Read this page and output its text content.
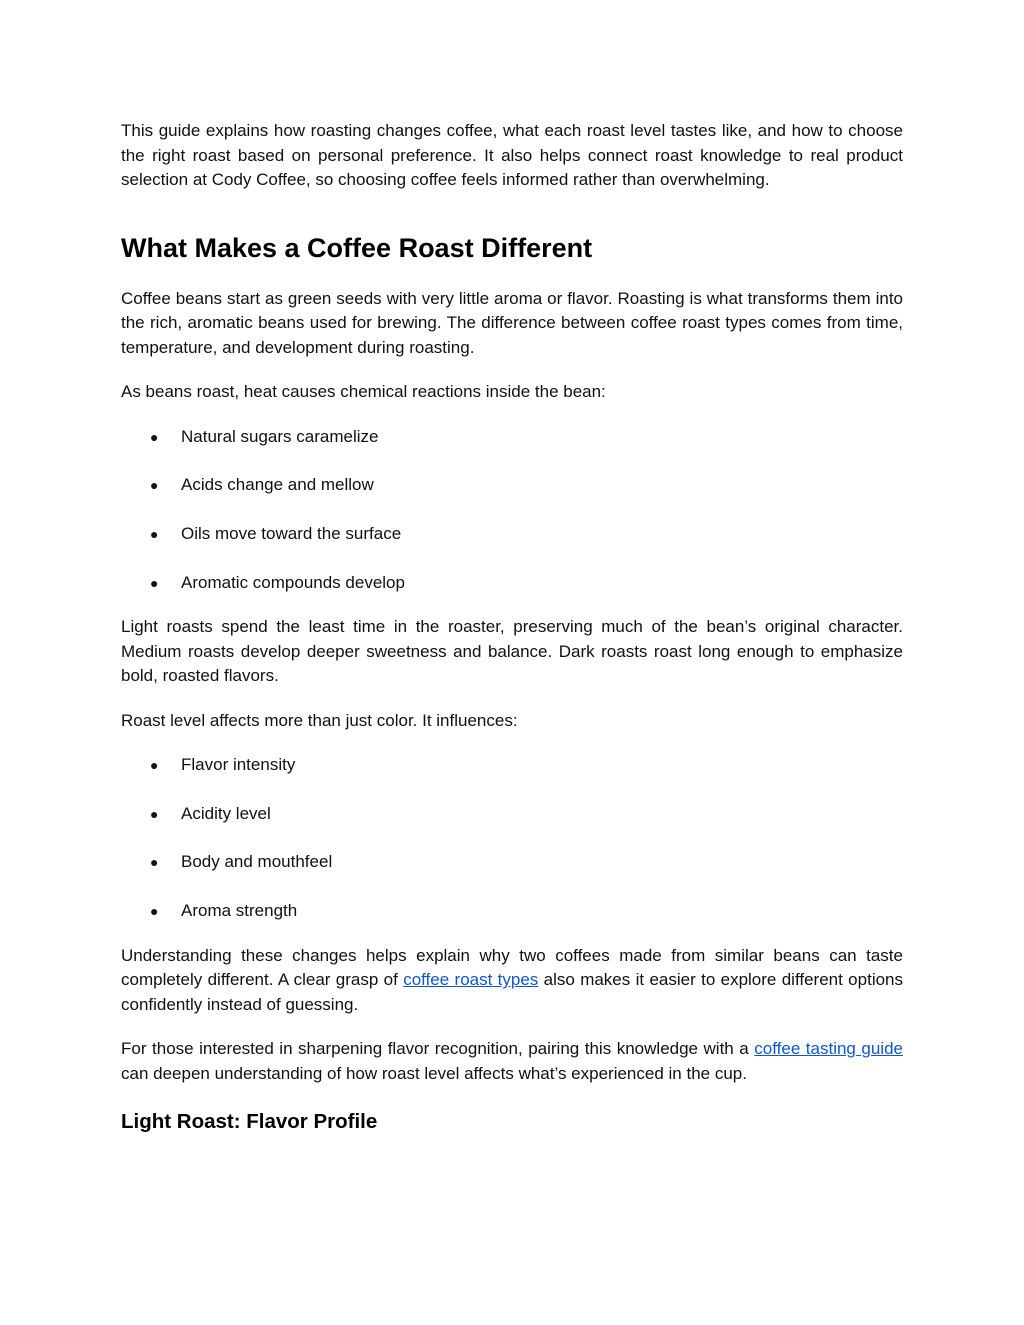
This guide explains how roasting changes coffee, what each roast level tastes like, and how to choose the right roast based on personal preference. It also helps connect roast knowledge to real product selection at Cody Coffee, so choosing coffee feels informed rather than overwhelming.

What Makes a Coffee Roast Different

Coffee beans start as green seeds with very little aroma or flavor. Roasting is what transforms them into the rich, aromatic beans used for brewing. The difference between coffee roast types comes from time, temperature, and development during roasting.

As beans roast, heat causes chemical reactions inside the bean:

● Natural sugars caramelize
● Acids change and mellow
● Oils move toward the surface
● Aromatic compounds develop

Light roasts spend the least time in the roaster, preserving much of the bean’s original character. Medium roasts develop deeper sweetness and balance. Dark roasts roast long enough to emphasize bold, roasted flavors.

Roast level affects more than just color. It influences:

● Flavor intensity
● Acidity level
● Body and mouthfeel
● Aroma strength

Understanding these changes helps explain why two coffees made from similar beans can taste completely different. A clear grasp of coffee roast types also makes it easier to explore different options confidently instead of guessing.

For those interested in sharpening flavor recognition, pairing this knowledge with a coffee tasting guide can deepen understanding of how roast level affects what’s experienced in the cup.

Light Roast: Flavor Profile
